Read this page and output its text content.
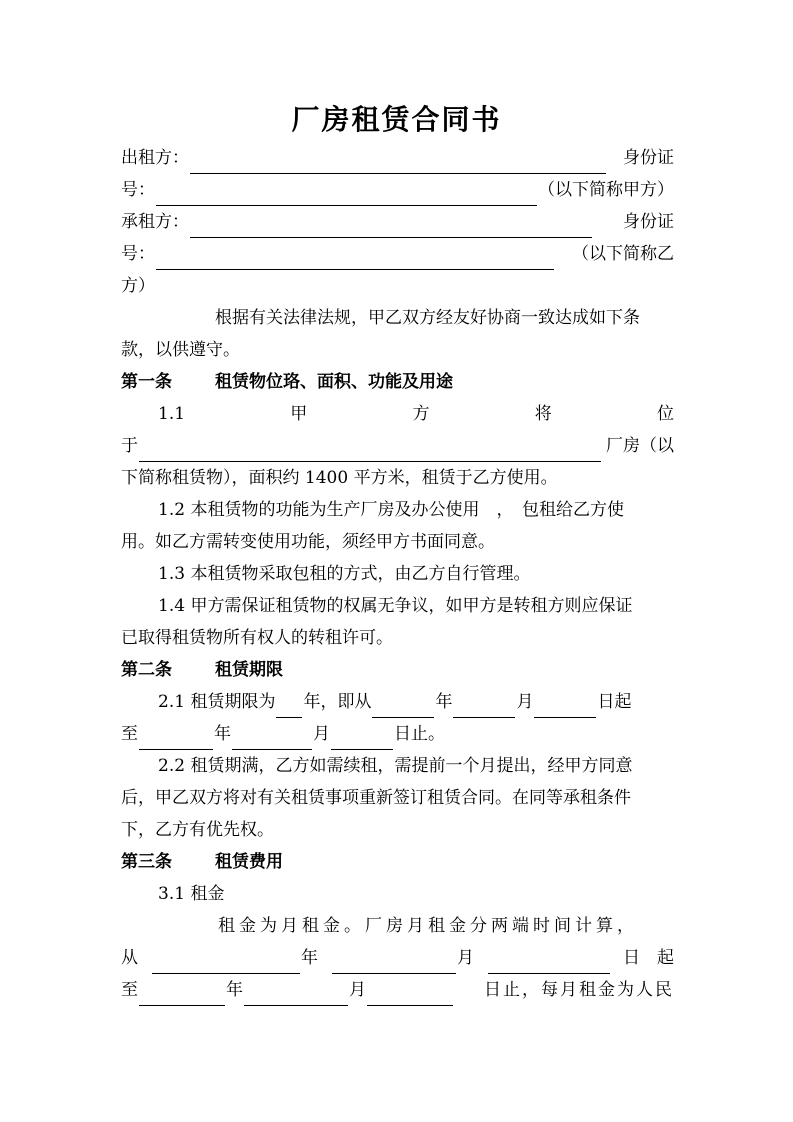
厂房租赁合同书
出租方：	身份证
号：	（以下简称甲方）
承租方：	身份证
号：	（以下简称乙
方）
根据有关法律法规，甲乙双方经友好协商一致达成如下条
款，以供遵守。
第一条	租赁物位珞、面积、功能及用途
1.1	甲	方	将	位
于	厂房（以
下简称租赁物），面积约 1400 平方米，租赁于乙方使用。
1.2 本租赁物的功能为生产厂房及办公使用　，　包租给乙方使
用。如乙方需转变使用功能，须经甲方书面同意。
1.3 本租赁物采取包租的方式，由乙方自行管理。
1.4 甲方需保证租赁物的权属无争议，如甲方是转租方则应保证
已取得租赁物所有权人的转租许可。
第二条	租赁期限
2.1 租赁期限为 年，即从	年	月	日起
至	年	月	日止。
2.2 租赁期满，乙方如需续租，需提前一个月提出，经甲方同意
后，甲乙双方将对有关租赁事项重新签订租赁合同。在同等承租条件
下，乙方有优先权。
第三条	租赁费用
3.1 租金
租金为月租金。厂房月租金分两端时间计算，
从	年	月	日　起
至	年	月	日止，每月租金为人民
